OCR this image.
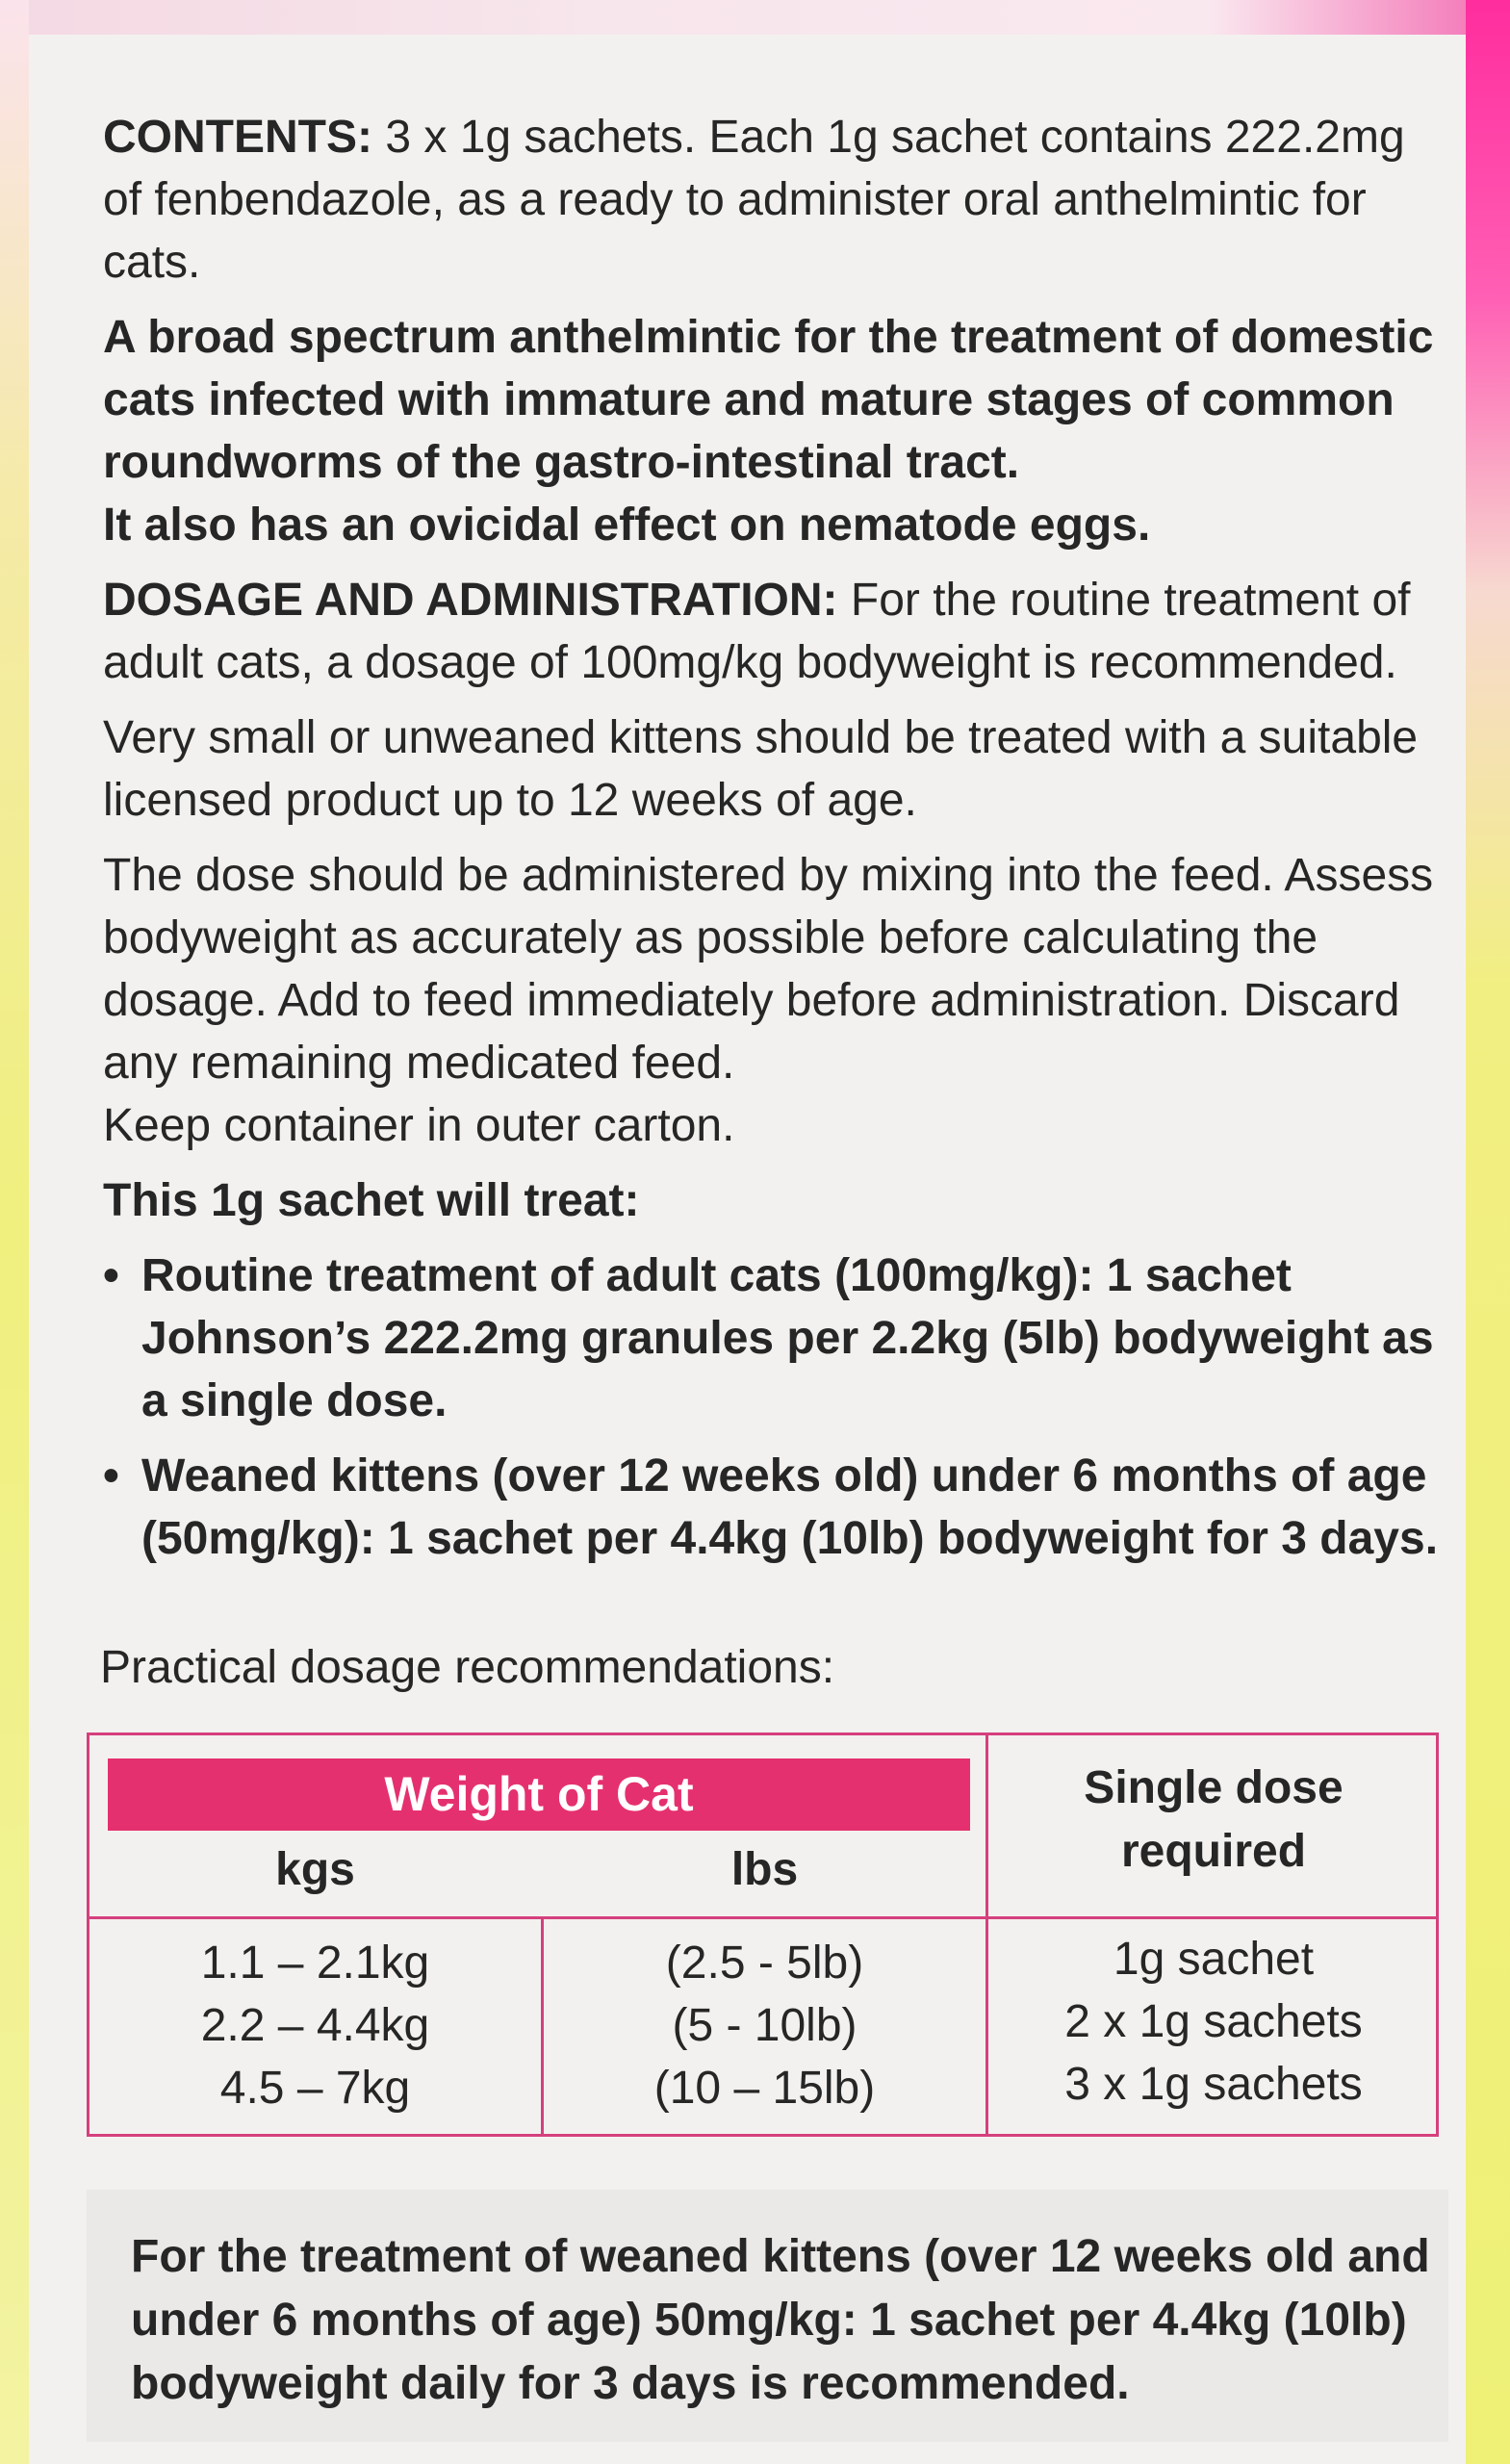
CONTENTS: 3 x 1g sachets. Each 1g sachet contains 222.2mg of fenbendazole, as a ready to administer oral anthelmintic for cats.

A broad spectrum anthelmintic for the treatment of domestic cats infected with immature and mature stages of common roundworms of the gastro-intestinal tract.

It also has an ovicidal effect on nematode eggs.

DOSAGE AND ADMINISTRATION: For the routine treatment of adult cats, a dosage of 100mg/kg bodyweight is recommended.

Very small or unweaned kittens should be treated with a suitable licensed product up to 12 weeks of age.

The dose should be administered by mixing into the feed. Assess bodyweight as accurately as possible before calculating the dosage. Add to feed immediately before administration. Discard any remaining medicated feed.

Keep container in outer carton.

This 1g sachet will treat:

• Routine treatment of adult cats (100mg/kg): 1 sachet Johnson’s 222.2mg granules per 2.2kg (5lb) bodyweight as a single dose.
• Weaned kittens (over 12 weeks old) under 6 months of age (50mg/kg): 1 sachet per 4.4kg (10lb) bodyweight for 3 days.
Practical dosage recommendations:
Weight of Cat
kgs	lbs
Single dose
required
1.1 – 2.1kg
2.2 – 4.4kg
4.5 – 7kg
(2.5 - 5lb)
(5 - 10lb)
(10 – 15lb)
1g sachet
2 x 1g sachets
3 x 1g sachets

For the treatment of weaned kittens (over 12 weeks old and under 6 months of age) 50mg/kg: 1 sachet per 4.4kg (10lb) bodyweight daily for 3 days is recommended.
